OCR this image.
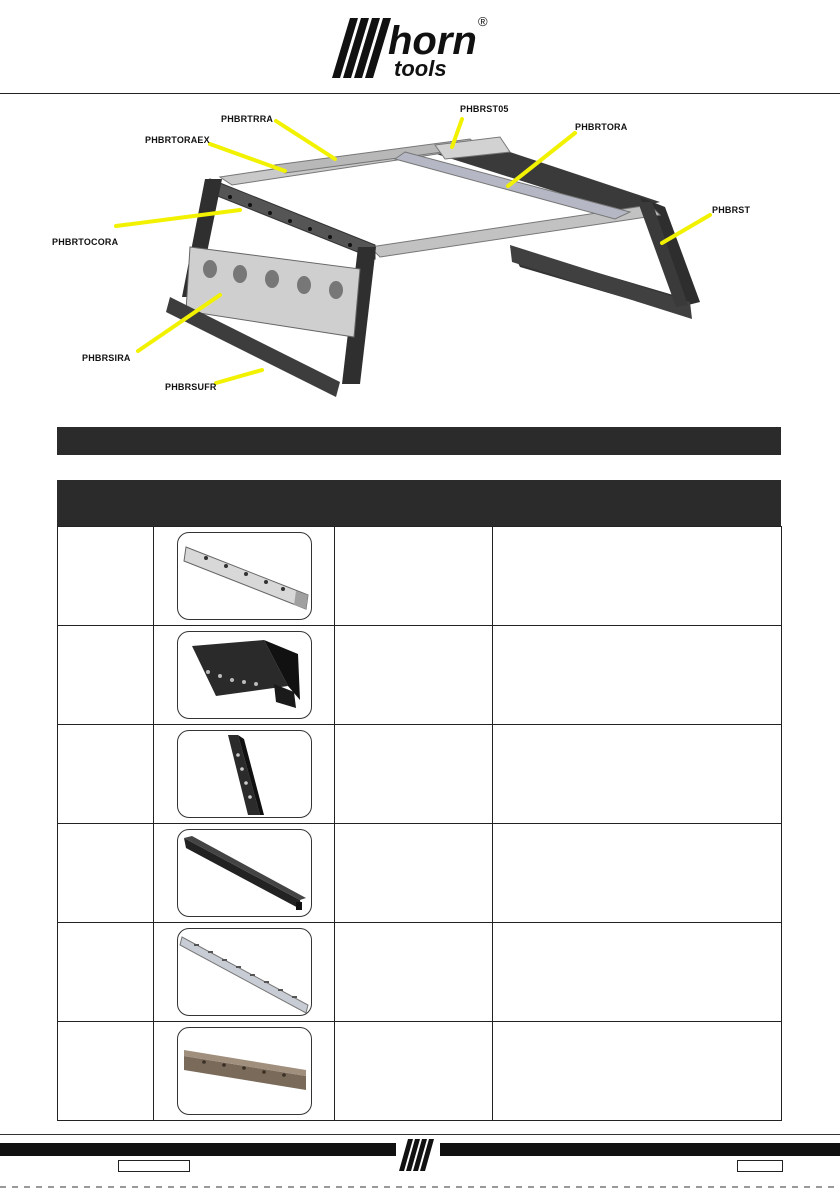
horn ®
tools
PHBRTRRA
PHBRST05
PHBRTORAEX
PHBRTORA
PHBRST
PHBRTOCORA
PHBRSIRA
PHBRSUFR
